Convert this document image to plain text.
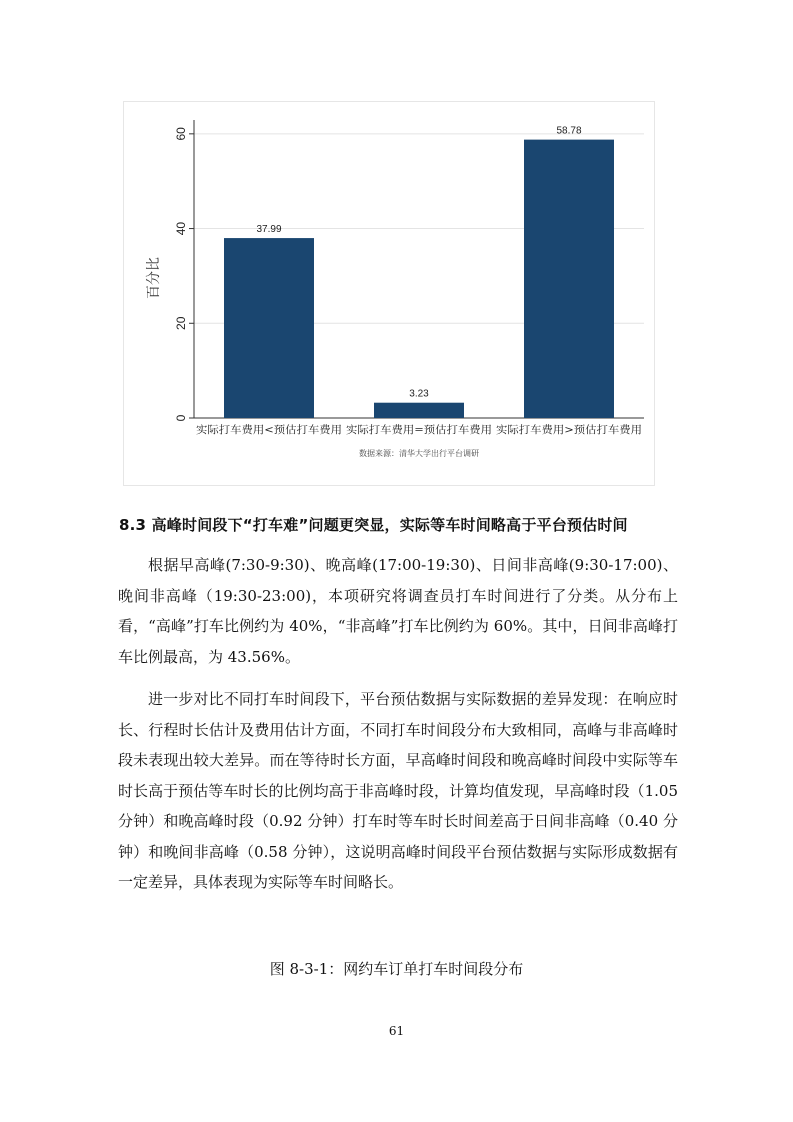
0
20
40
60
百分比
37.99
实际打车费用<预估打车费用
3.23
实际打车费用=预估打车费用
58.78
实际打车费用>预估打车费用
数据来源：清华大学出行平台调研
8.3 高峰时间段下“打车难”问题更突显，实际等车时间略高于平台预估时间

根据早高峰(7:30-9:30)、晚高峰(17:00-19:30)、日间非高峰(9:30-17:00)、晚间非高峰（19:30-23:00)，本项研究将调查员打车时间进行了分类。从分布上看，“高峰”打车比例约为 40%，“非高峰”打车比例约为 60%。其中，日间非高峰打车比例最高，为 43.56%。

进一步对比不同打车时间段下，平台预估数据与实际数据的差异发现：在响应时长、行程时长估计及费用估计方面，不同打车时间段分布大致相同，高峰与非高峰时段未表现出较大差异。而在等待时长方面，早高峰时间段和晚高峰时间段中实际等车时长高于预估等车时长的比例均高于非高峰时段，计算均值发现，早高峰时段（1.05 分钟）和晚高峰时段（0.92 分钟）打车时等车时长时间差高于日间非高峰（0.40 分钟）和晚间非高峰（0.58 分钟），这说明高峰时间段平台预估数据与实际形成数据有一定差异，具体表现为实际等车时间略长。

图 8-3-1：网约车订单打车时间段分布
61
